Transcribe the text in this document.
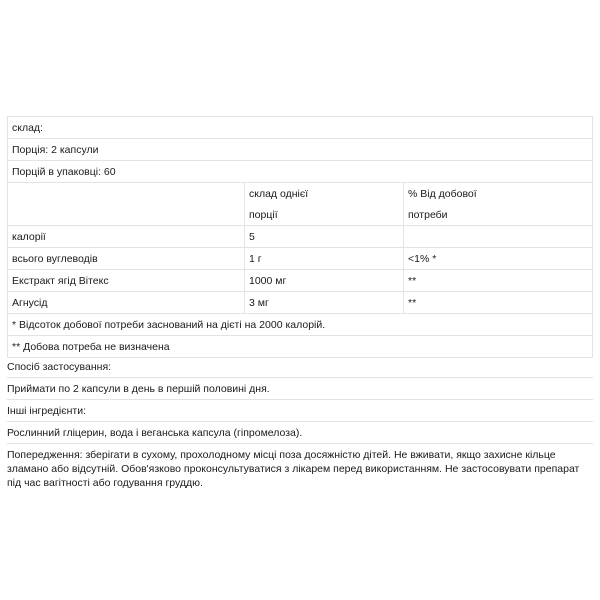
склад:		
Порція: 2 капсули		
Порцій в упаковці: 60		
	склад однієї	% Від добової
	порції	потреби
калорії	5	
всього вуглеводів	1 г	<1% *
Екстракт ягід Вітекс	1000 мг	**
Агнусід	3 мг	**
* Відсоток добової потреби заснований на дієті на 2000 калорій.		
** Добова потреба не визначена		
Спосіб застосування:
Приймати по 2 капсули в день в першій половині дня.
Інші інгредієнти:
Рослинний гліцерин, вода і веганська капсула (гіпромелоза).
Попередження: зберігати в сухому, прохолодному місці поза досяжністю дітей. Не вживати, якщо захисне кільце зламано або відсутній. Обов'язково проконсультуватися з лікарем перед використанням. Не застосовувати препарат під час вагітності або годування груддю.
